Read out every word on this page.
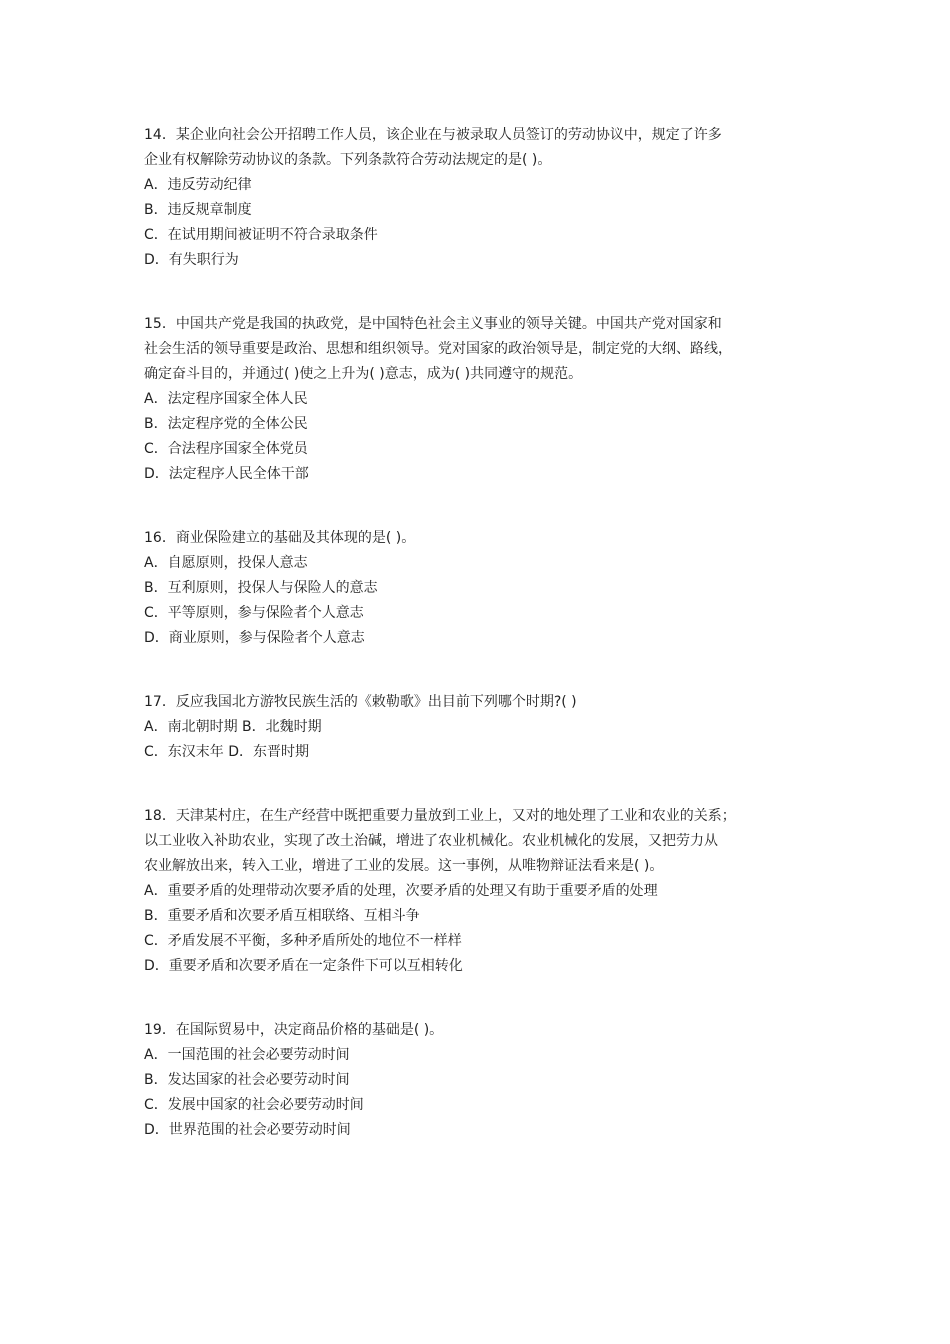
14．某企业向社会公开招聘工作人员，该企业在与被录取人员签订的劳动协议中，规定了许多

企业有权解除劳动协议的条款。下列条款符合劳动法规定的是( )。

A．违反劳动纪律

B．违反规章制度

C．在试用期间被证明不符合录取条件

D．有失职行为

15．中国共产党是我国的执政党，是中国特色社会主义事业的领导关键。中国共产党对国家和

社会生活的领导重要是政治、思想和组织领导。党对国家的政治领导是，制定党的大纲、路线，

确定奋斗目的，并通过( )使之上升为( )意志，成为( )共同遵守的规范。

A．法定程序国家全体人民

B．法定程序党的全体公民

C．合法程序国家全体党员

D．法定程序人民全体干部

16．商业保险建立的基础及其体现的是( )。

A．自愿原则，投保人意志

B．互利原则，投保人与保险人的意志

C．平等原则，参与保险者个人意志

D．商业原则，参与保险者个人意志

17．反应我国北方游牧民族生活的《敕勒歌》出目前下列哪个时期?( )

A．南北朝时期 B．北魏时期

C．东汉末年 D．东晋时期

18．天津某村庄，在生产经营中既把重要力量放到工业上，又对的地处理了工业和农业的关系；

以工业收入补助农业，实现了改土治碱，增进了农业机械化。农业机械化的发展，又把劳力从

农业解放出来，转入工业，增进了工业的发展。这一事例，从唯物辩证法看来是( )。

A．重要矛盾的处理带动次要矛盾的处理，次要矛盾的处理又有助于重要矛盾的处理

B．重要矛盾和次要矛盾互相联络、互相斗争

C．矛盾发展不平衡，多种矛盾所处的地位不一样样

D．重要矛盾和次要矛盾在一定条件下可以互相转化

19．在国际贸易中，决定商品价格的基础是( )。

A．一国范围的社会必要劳动时间

B．发达国家的社会必要劳动时间

C．发展中国家的社会必要劳动时间

D．世界范围的社会必要劳动时间
